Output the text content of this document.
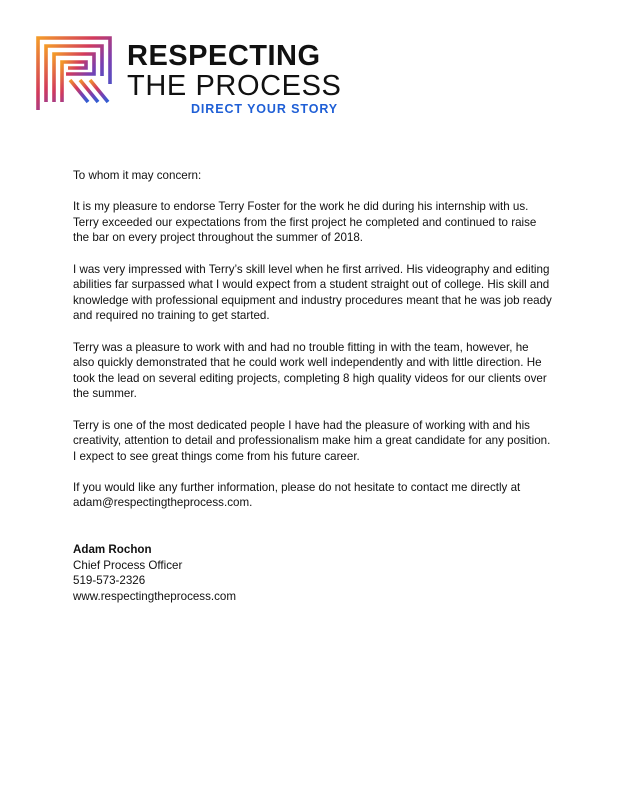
RESPECTING
THE PROCESS
DIRECT YOUR STORY

To whom it may concern:

It is my pleasure to endorse Terry Foster for the work he did during his internship with us. Terry exceeded our expectations from the first project he completed and continued to raise the bar on every project throughout the summer of 2018.

I was very impressed with Terry’s skill level when he first arrived. His videography and editing abilities far surpassed what I would expect from a student straight out of college. His skill and knowledge with professional equipment and industry procedures meant that he was job ready and required no training to get started.

Terry was a pleasure to work with and had no trouble fitting in with the team, however, he also quickly demonstrated that he could work well independently and with little direction. He took the lead on several editing projects, completing 8 high quality videos for our clients over the summer.

Terry is one of the most dedicated people I have had the pleasure of working with and his creativity, attention to detail and professionalism make him a great candidate for any position. I expect to see great things come from his future career.

If you would like any further information, please do not hesitate to contact me directly at adam@respectingtheprocess.com.

Adam Rochon
Chief Process Officer
519-573-2326
www.respectingtheprocess.com
